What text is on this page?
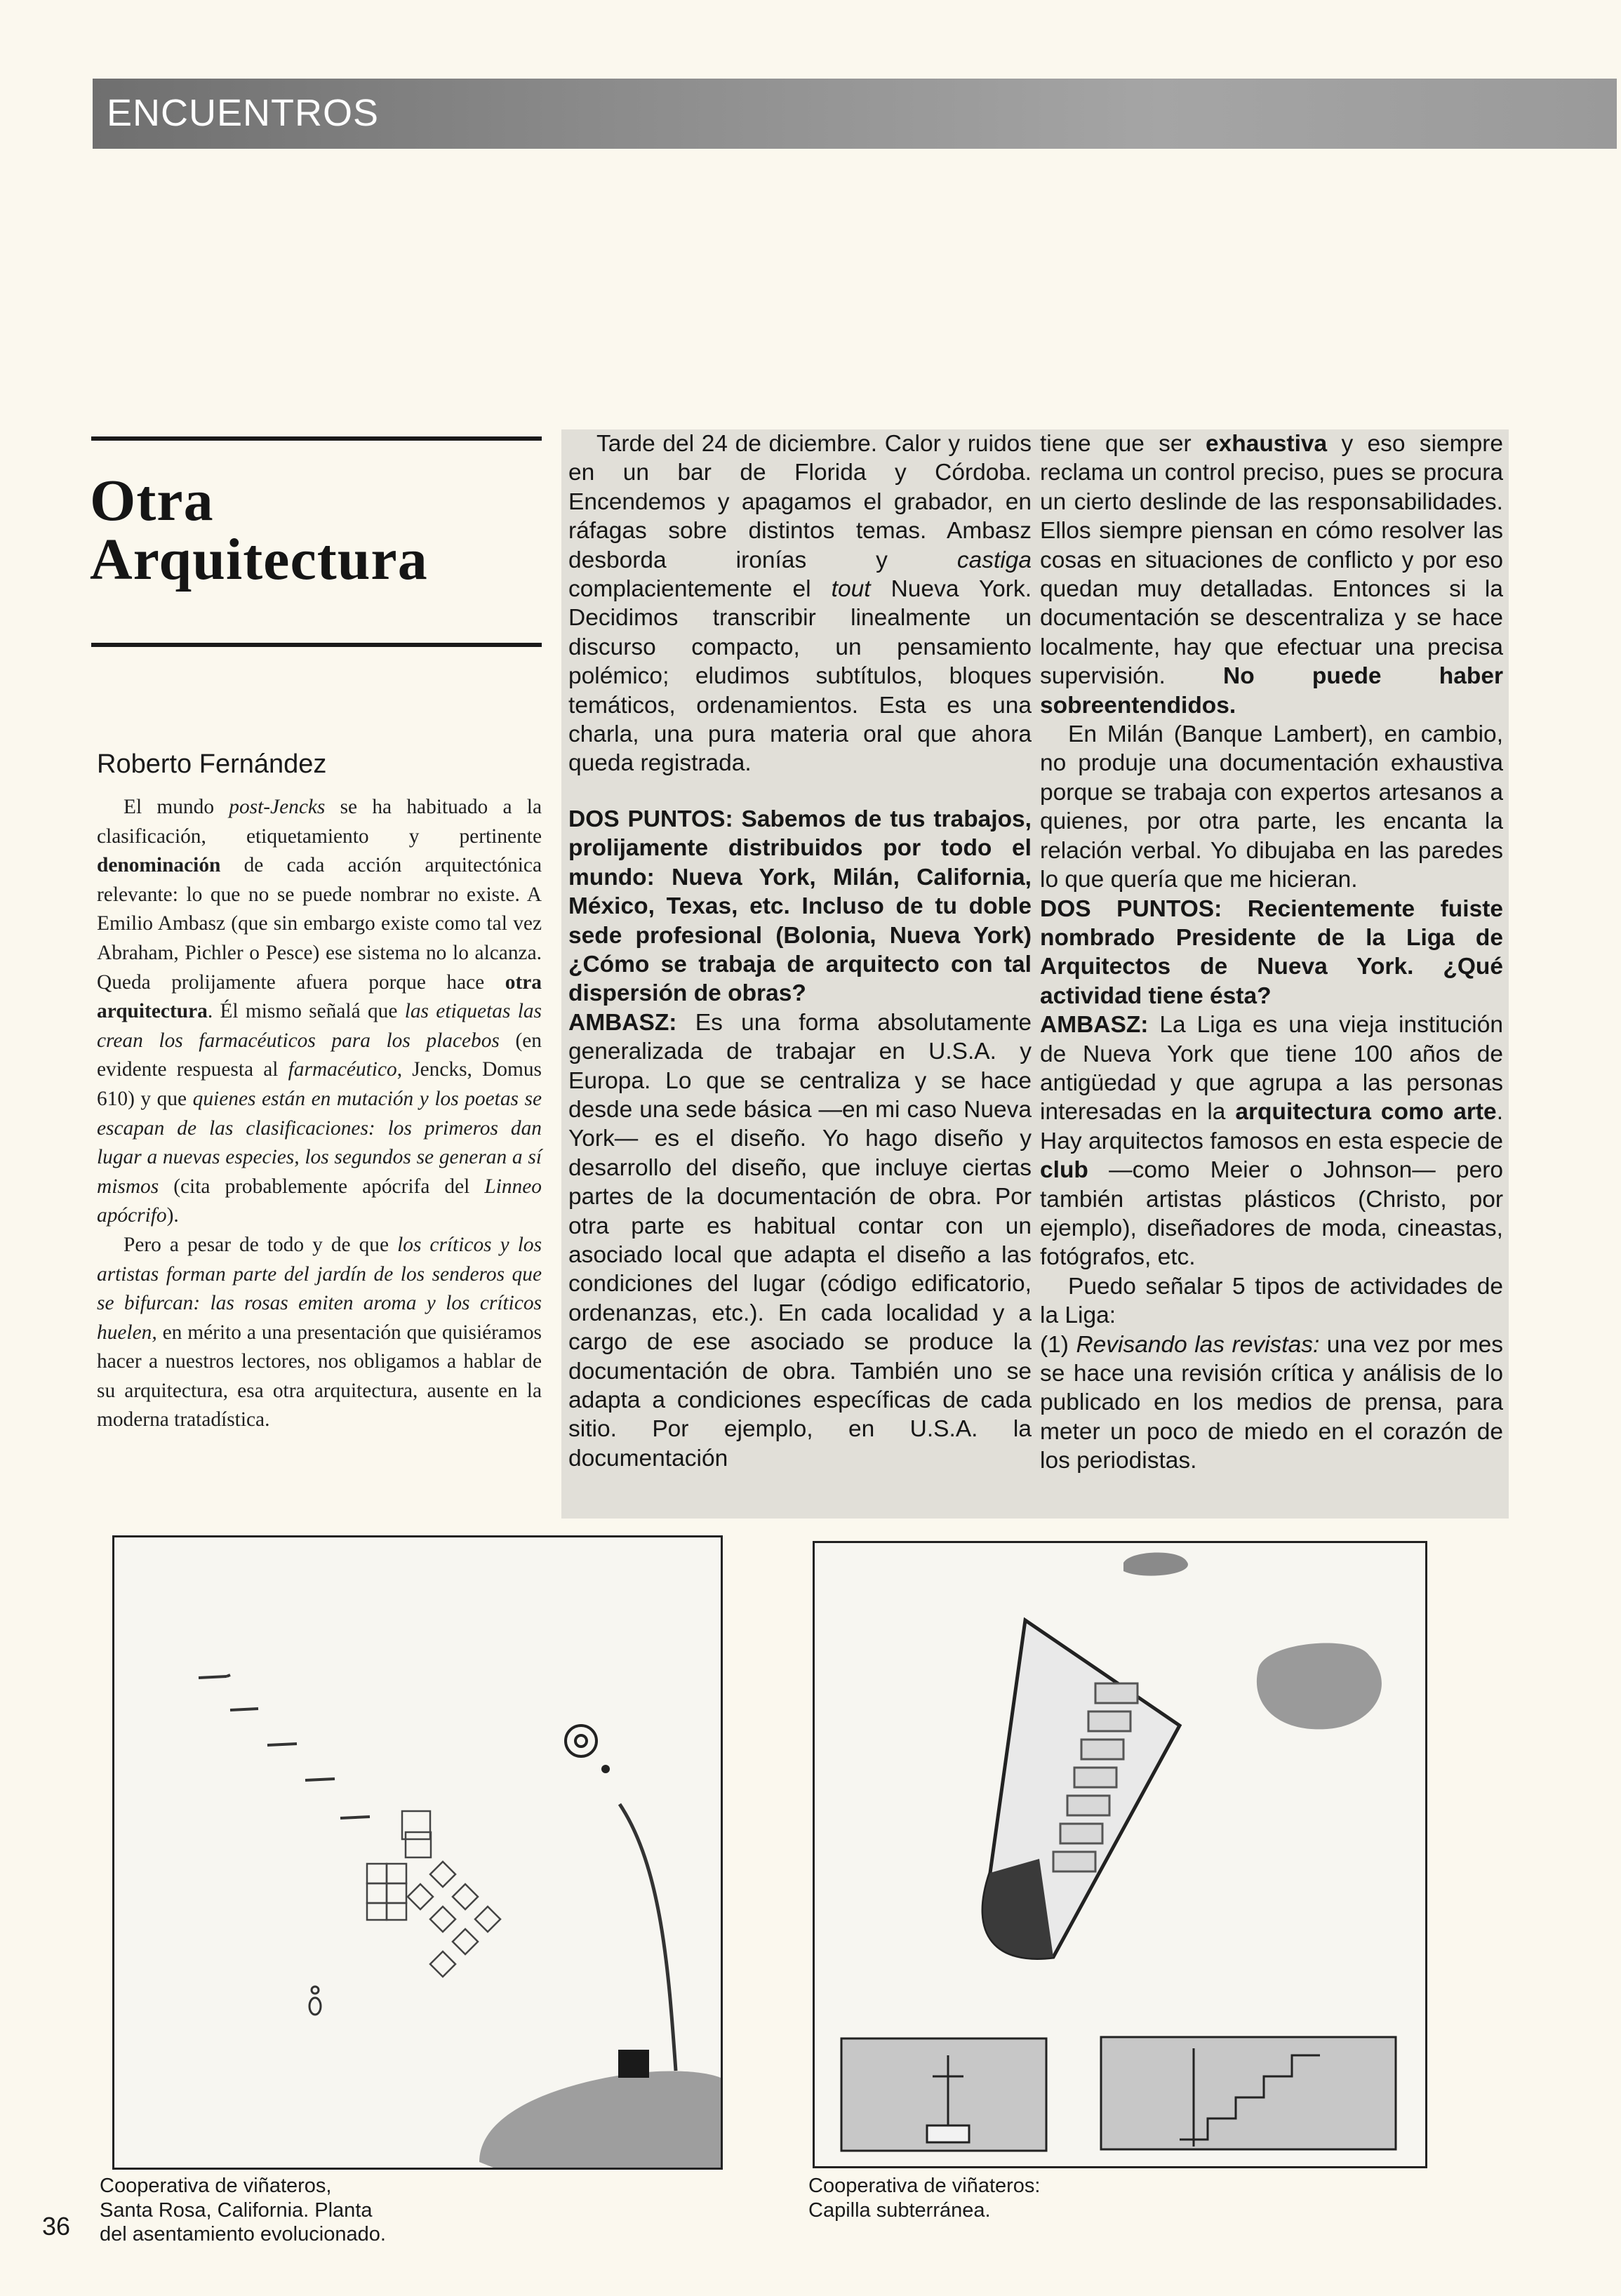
ENCUENTROS
Otra Arquitectura
Roberto Fernández

El mundo post-Jencks se ha habituado a la clasificación, etiquetamiento y pertinente denominación de cada acción arquitectónica relevante: lo que no se puede nombrar no existe. A Emilio Ambasz (que sin embargo existe como tal vez Abraham, Pichler o Pesce) ese sistema no lo alcanza. Queda prolijamente afuera porque hace otra arquitectura. Él mismo señalá que las etiquetas las crean los farmacéuticos para los placebos (en evidente respuesta al farmacéutico, Jencks, Domus 610) y que quienes están en mutación y los poetas se escapan de las clasificaciones: los primeros dan lugar a nuevas especies, los segundos se generan a sí mismos (cita probablemente apócrifa del Linneo apócrifo).

Pero a pesar de todo y de que los críticos y los artistas forman parte del jardín de los senderos que se bifurcan: las rosas emiten aroma y los críticos huelen, en mérito a una presentación que quisiéramos hacer a nuestros lectores, nos obligamos a hablar de su arquitectura, esa otra arquitectura, ausente en la moderna tratadística.

Tarde del 24 de diciembre. Calor y ruidos en un bar de Florida y Córdoba. Encendemos y apagamos el grabador, en ráfagas sobre distintos temas. Ambasz desborda ironías y castiga complacientemente el tout Nueva York. Decidimos transcribir linealmente un discurso compacto, un pensamiento polémico; eludimos subtítulos, bloques temáticos, ordenamientos. Esta es una charla, una pura materia oral que ahora queda registrada.

DOS PUNTOS: Sabemos de tus trabajos, prolijamente distribuidos por todo el mundo: Nueva York, Milán, California, México, Texas, etc. Incluso de tu doble sede profesional (Bolonia, Nueva York) ¿Cómo se trabaja de arquitecto con tal dispersión de obras?

AMBASZ: Es una forma absolutamente generalizada de trabajar en U.S.A. y Europa. Lo que se centraliza y se hace desde una sede básica —en mi caso Nueva York— es el diseño. Yo hago diseño y desarrollo del diseño, que incluye ciertas partes de la documentación de obra. Por otra parte es habitual contar con un asociado local que adapta el diseño a las condiciones del lugar (código edificatorio, ordenanzas, etc.). En cada localidad y a cargo de ese asociado se produce la documentación de obra. También uno se adapta a condiciones específicas de cada sitio. Por ejemplo, en U.S.A. la documentación

tiene que ser exhaustiva y eso siempre reclama un control preciso, pues se procura un cierto deslinde de las responsabilidades. Ellos siempre piensan en cómo resolver las cosas en situaciones de conflicto y por eso quedan muy detalladas. Entonces si la documentación se descentraliza y se hace localmente, hay que efectuar una precisa supervisión. No puede haber sobreentendidos.

En Milán (Banque Lambert), en cambio, no produje una documentación exhaustiva porque se trabaja con expertos artesanos a quienes, por otra parte, les encanta la relación verbal. Yo dibujaba en las paredes lo que quería que me hicieran.

DOS PUNTOS: Recientemente fuiste nombrado Presidente de la Liga de Arquitectos de Nueva York. ¿Qué actividad tiene ésta?

AMBASZ: La Liga es una vieja institución de Nueva York que tiene 100 años de antigüedad y que agrupa a las personas interesadas en la arquitectura como arte. Hay arquitectos famosos en esta especie de club —como Meier o Johnson— pero también artistas plásticos (Christo, por ejemplo), diseñadores de moda, cineastas, fotógrafos, etc.

Puedo señalar 5 tipos de actividades de la Liga:

(1) Revisando las revistas: una vez por mes se hace una revisión crítica y análisis de lo publicado en los medios de prensa, para meter un poco de miedo en el corazón de los periodistas.

Cooperativa de viñateros,
Santa Rosa, California. Planta
del asentamiento evolucionado.
Cooperativa de viñateros:
Capilla subterránea.
36
